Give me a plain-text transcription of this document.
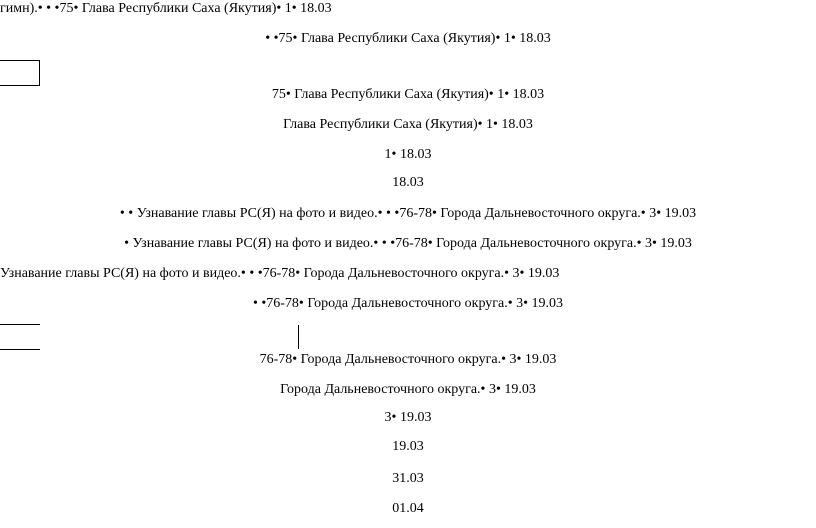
гимн).• • •75• Глава Республики Саха (Якутия)• 1• 18.03
• •75• Глава Республики Саха (Якутия)• 1• 18.03
75• Глава Республики Саха (Якутия)• 1• 18.03
Глава Республики Саха (Якутия)• 1• 18.03
1• 18.03
18.03
• • Узнавание главы РС(Я) на фото и видео.• • •76-78• Города Дальневосточного округа.• 3• 19.03
• Узнавание главы РС(Я) на фото и видео.• • •76-78• Города Дальневосточного округа.• 3• 19.03
Узнавание главы РС(Я) на фото и видео.• • •76-78• Города Дальневосточного округа.• 3• 19.03
• •76-78• Города Дальневосточного округа.• 3• 19.03
76-78• Города Дальневосточного округа.• 3• 19.03
Города Дальневосточного округа.• 3• 19.03
3• 19.03
19.03
31.03
01.04
